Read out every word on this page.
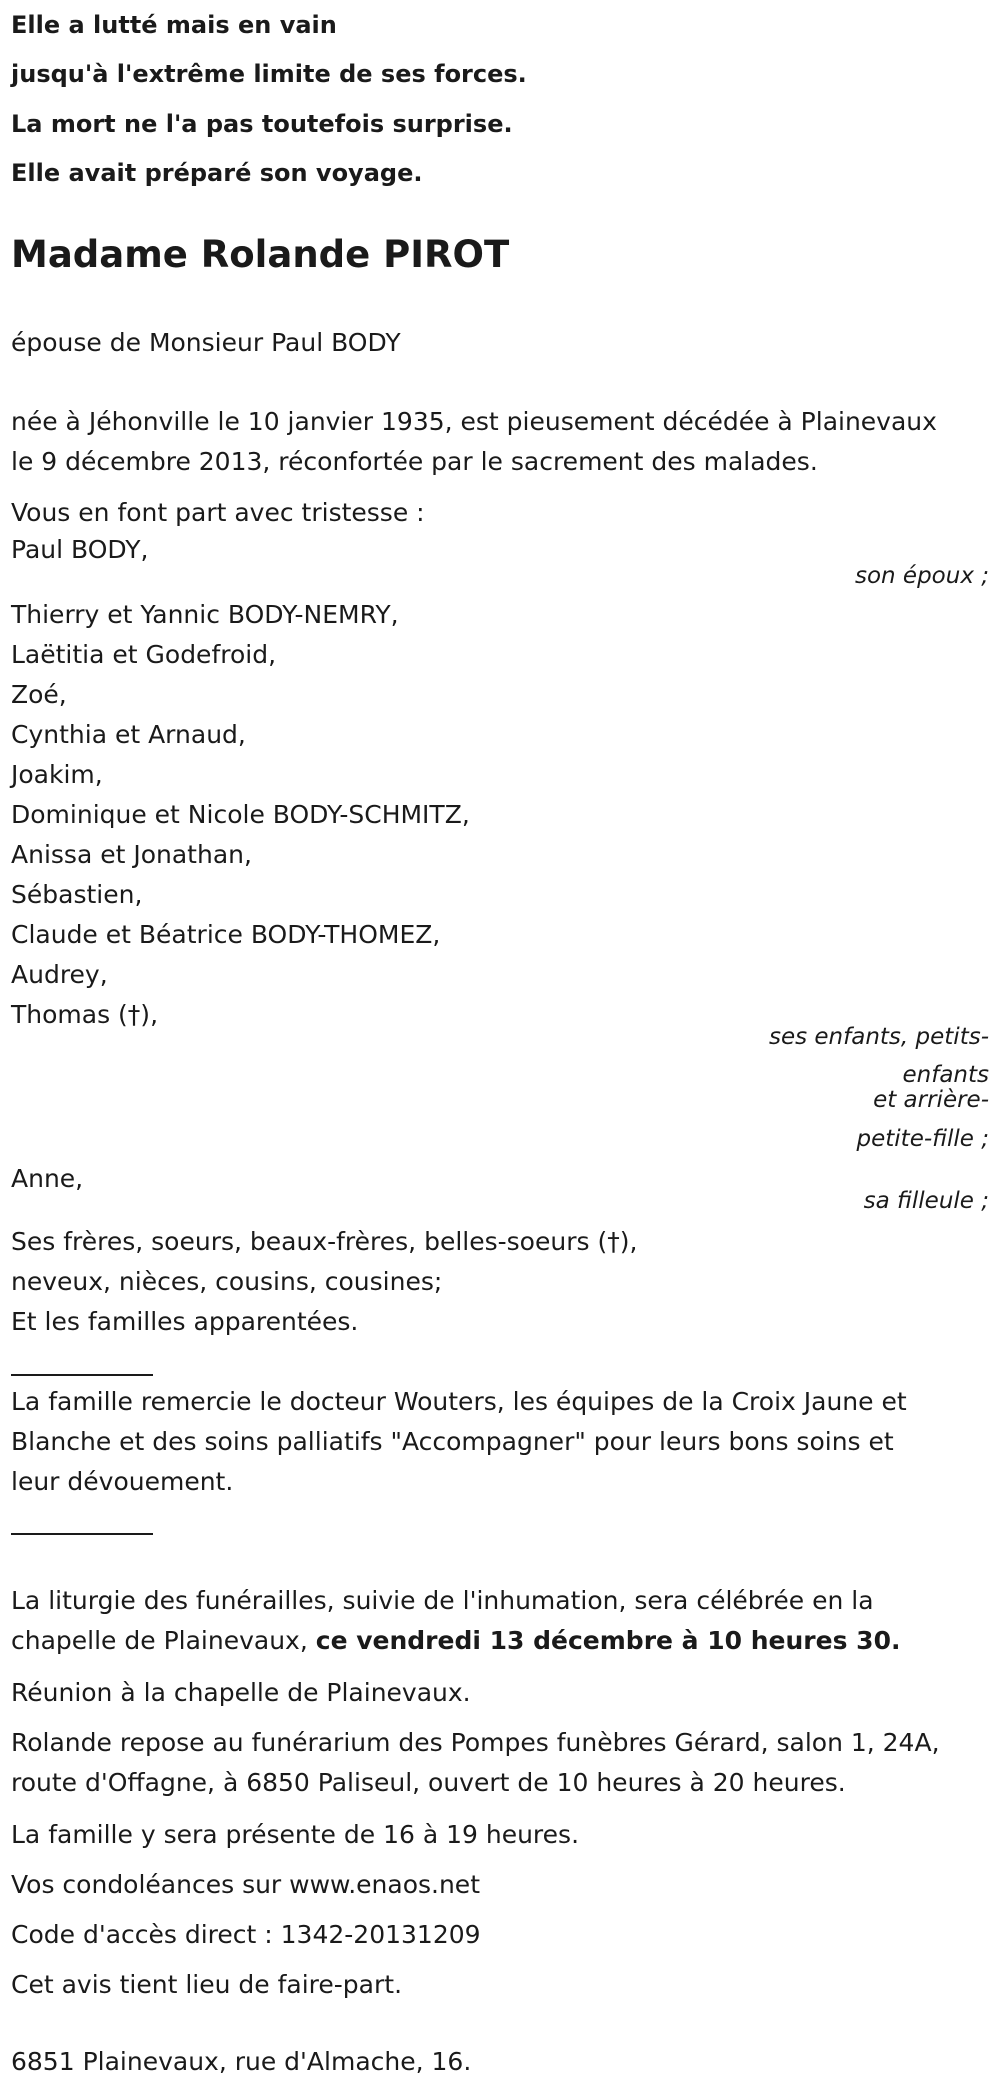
Elle a lutté mais en vain
jusqu'à l'extrême limite de ses forces.
La mort ne l'a pas toutefois surprise.
Elle avait préparé son voyage.
Madame Rolande PIROT
épouse de Monsieur Paul BODY
née à Jéhonville le 10 janvier 1935, est pieusement décédée à Plainevaux
le 9 décembre 2013, réconfortée par le sacrement des malades.
Vous en font part avec tristesse :
Paul BODY,
son époux ;
Thierry et Yannic BODY-NEMRY,
Laëtitia et Godefroid,
Zoé,
Cynthia et Arnaud,
Joakim,
Dominique et Nicole BODY-SCHMITZ,
Anissa et Jonathan,
Sébastien,
Claude et Béatrice BODY-THOMEZ,
Audrey,
Thomas (†),
ses enfants, petits-
enfants
et arrière-
petite-fille ;
Anne,
sa filleule ;
Ses frères, soeurs, beaux-frères, belles-soeurs (†),
neveux, nièces, cousins, cousines;
Et les familles apparentées.
La famille remercie le docteur Wouters, les équipes de la Croix Jaune et
Blanche et des soins palliatifs "Accompagner" pour leurs bons soins et
leur dévouement.
La liturgie des funérailles, suivie de l'inhumation, sera célébrée en la
chapelle de Plainevaux, ce vendredi 13 décembre à 10 heures 30.
Réunion à la chapelle de Plainevaux.
Rolande repose au funérarium des Pompes funèbres Gérard, salon 1, 24A,
route d'Offagne, à 6850 Paliseul, ouvert de 10 heures à 20 heures.
La famille y sera présente de 16 à 19 heures.
Vos condoléances sur www.enaos.net
Code d'accès direct : 1342-20131209
Cet avis tient lieu de faire-part.
6851 Plainevaux, rue d'Almache, 16.
